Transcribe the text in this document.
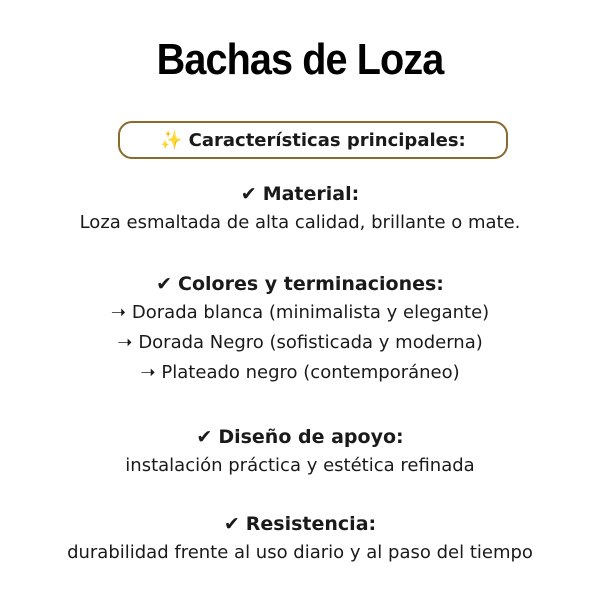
Bachas de Loza
✨ Características principales:
✔ Material:
Loza esmaltada de alta calidad, brillante o mate.
✔ Colores y terminaciones:
➝ Dorada blanca (minimalista y elegante)
➝ Dorada Negro (sofisticada y moderna)
➝ Plateado negro (contemporáneo)
✔ Diseño de apoyo:
instalación práctica y estética refinada
✔ Resistencia:
durabilidad frente al uso diario y al paso del tiempo
